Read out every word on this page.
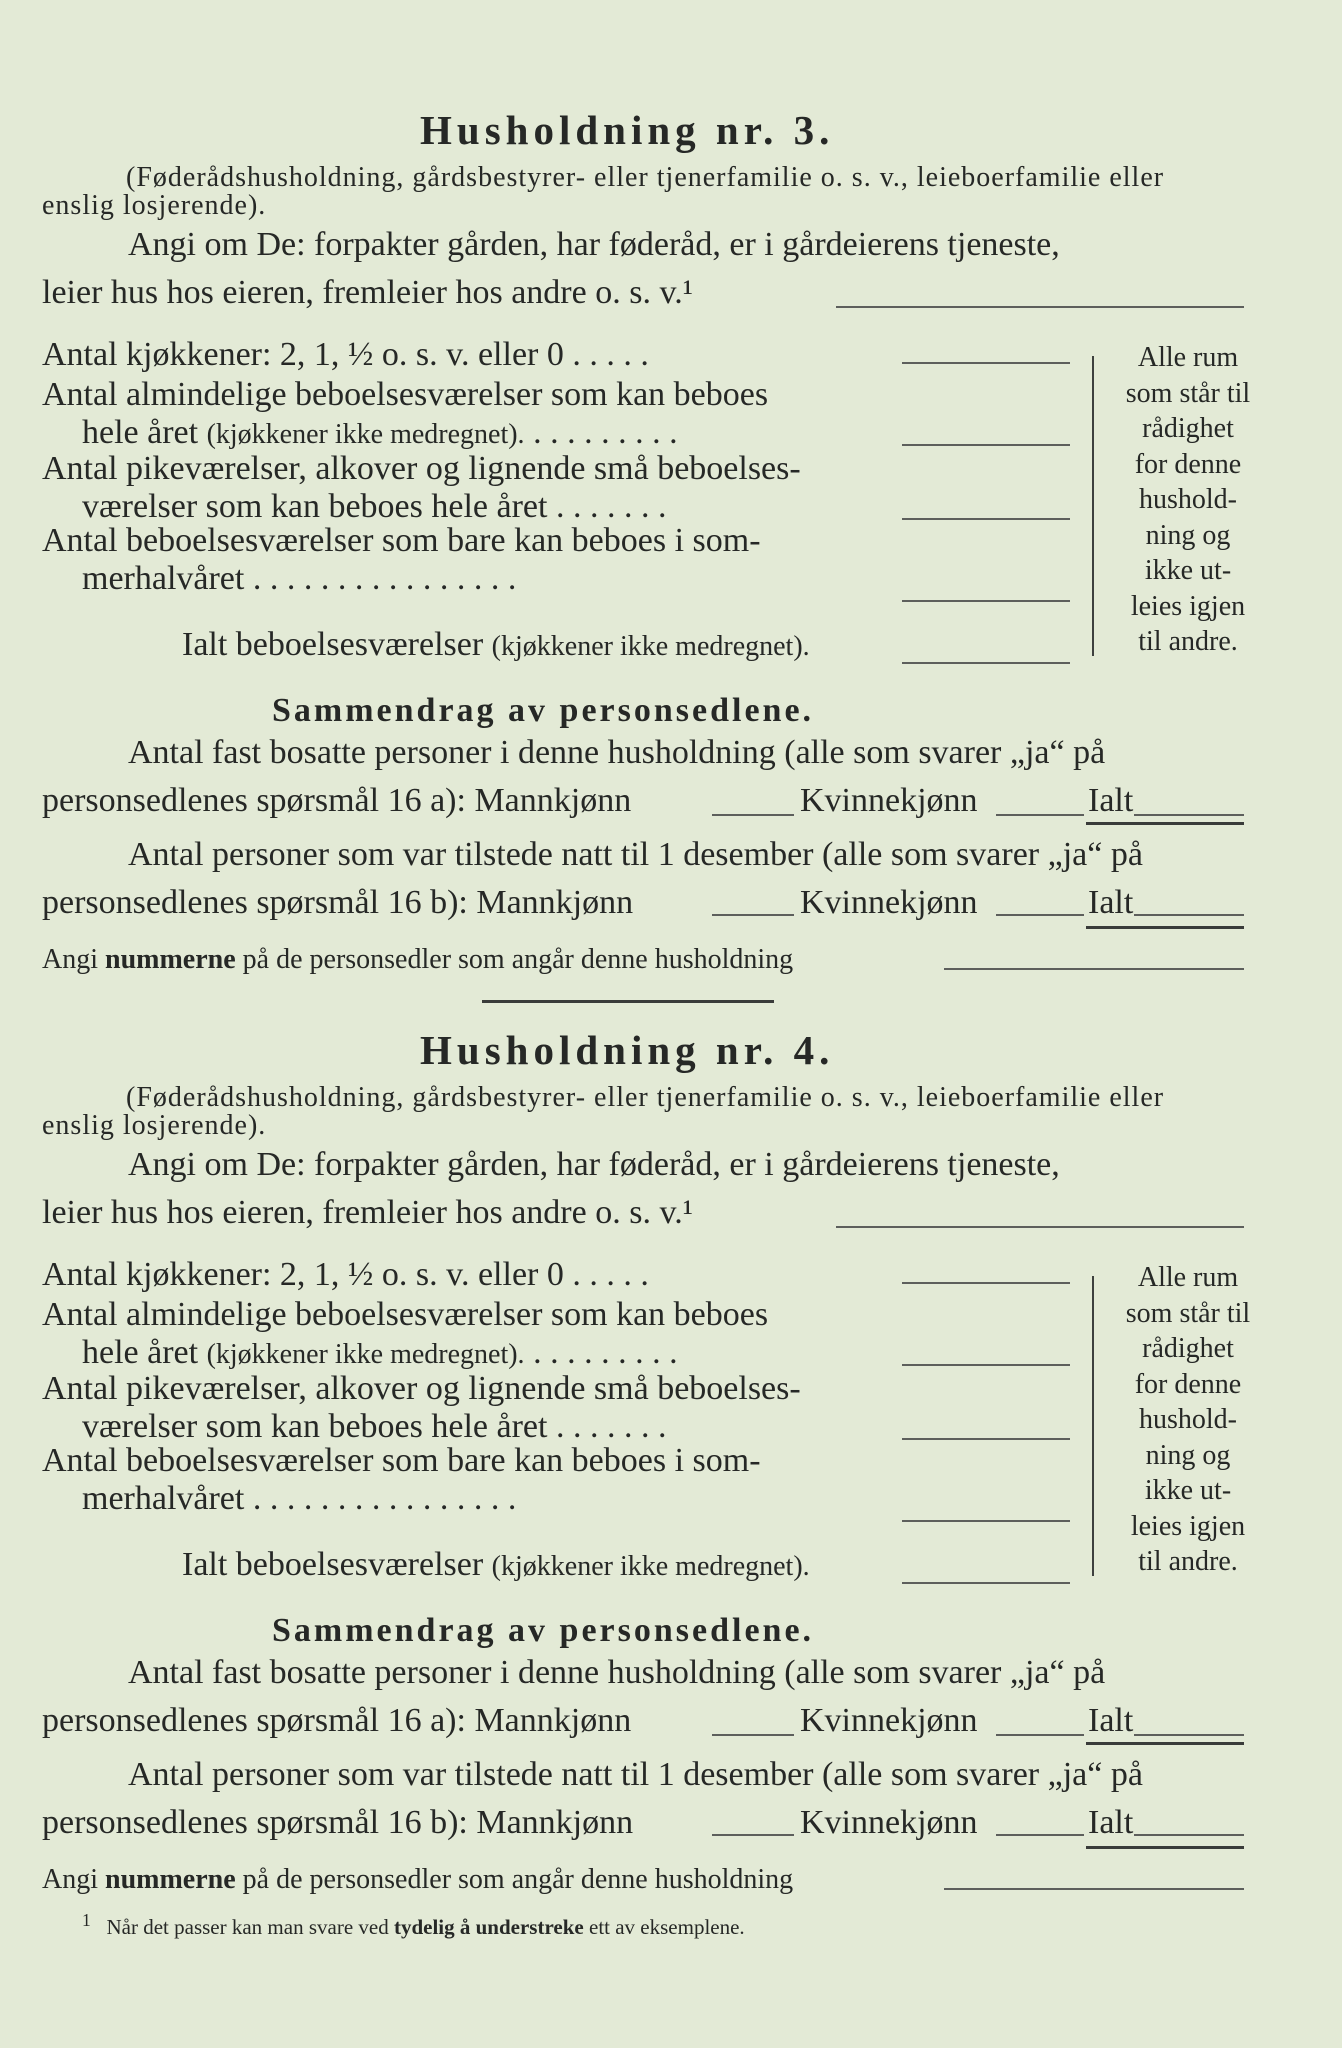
Husholdning nr. 3.
(Føderådshusholdning, gårdsbestyrer- eller tjenerfamilie o. s. v., leieboerfamilie eller
enslig losjerende).
Angi om De: forpakter gården, har føderåd, er i gårdeierens tjeneste,
leier hus hos eieren, fremleier hos andre o. s. v.¹
Antal kjøkkener: 2, 1, ½ o. s. v. eller 0 . . . . .
Antal almindelige beboelsesværelser som kan beboes
hele året (kjøkkener ikke medregnet). . . . . . . . . .
Antal pikeværelser, alkover og lignende små beboelses-
værelser som kan beboes hele året . . . . . . .
Antal beboelsesværelser som bare kan beboes i som-
merhalvåret . . . . . . . . . . . . . . . .
Ialt beboelsesværelser (kjøkkener ikke medregnet).
Alle rum
som står til
rådighet
for denne
hushold-
ning og
ikke ut-
leies igjen
til andre.
Sammendrag av personsedlene.
Antal fast bosatte personer i denne husholdning (alle som svarer „ja“ på
personsedlenes spørsmål 16 a): Mannkjønn	Kvinnekjønn	Ialt
Antal personer som var tilstede natt til 1 desember (alle som svarer „ja“ på
personsedlenes spørsmål 16 b): Mannkjønn	Kvinnekjønn	Ialt
Angi nummerne på de personsedler som angår denne husholdning
Husholdning nr. 4.
(Føderådshusholdning, gårdsbestyrer- eller tjenerfamilie o. s. v., leieboerfamilie eller
enslig losjerende).
Angi om De: forpakter gården, har føderåd, er i gårdeierens tjeneste,
leier hus hos eieren, fremleier hos andre o. s. v.¹
Antal kjøkkener: 2, 1, ½ o. s. v. eller 0 . . . . .
Antal almindelige beboelsesværelser som kan beboes
hele året (kjøkkener ikke medregnet). . . . . . . . . .
Antal pikeværelser, alkover og lignende små beboelses-
værelser som kan beboes hele året . . . . . . .
Antal beboelsesværelser som bare kan beboes i som-
merhalvåret . . . . . . . . . . . . . . . .
Ialt beboelsesværelser (kjøkkener ikke medregnet).
Alle rum
som står til
rådighet
for denne
hushold-
ning og
ikke ut-
leies igjen
til andre.
Sammendrag av personsedlene.
Antal fast bosatte personer i denne husholdning (alle som svarer „ja“ på
personsedlenes spørsmål 16 a): Mannkjønn	Kvinnekjønn	Ialt
Antal personer som var tilstede natt til 1 desember (alle som svarer „ja“ på
personsedlenes spørsmål 16 b): Mannkjønn	Kvinnekjønn	Ialt
Angi nummerne på de personsedler som angår denne husholdning
$^1$ Når det passer kan man svare ved tydelig å understreke ett av eksemplene.
